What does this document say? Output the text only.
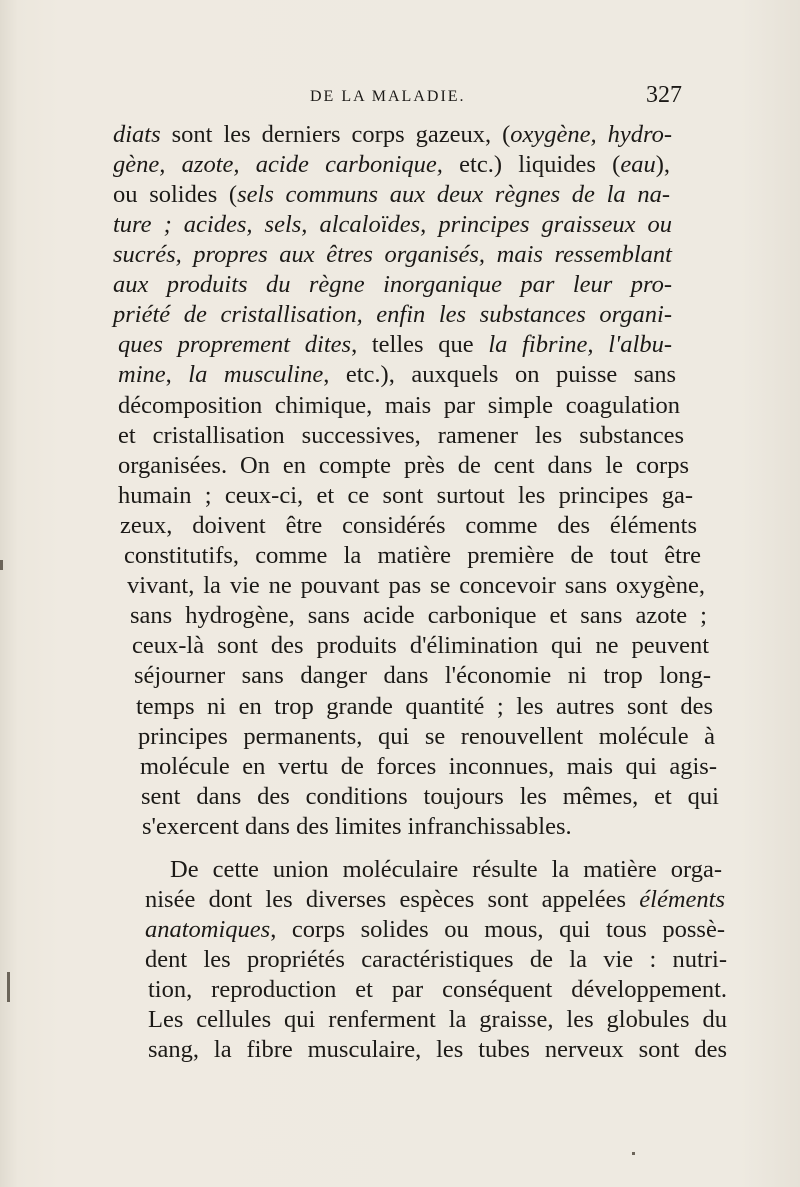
DE LA MALADIE.	327
diats sont les derniers corps gazeux, (oxygène, hydro-
gène, azote, acide carbonique, etc.) liquides (eau),
ou solides (sels communs aux deux règnes de la na-
ture ; acides, sels, alcaloïdes, principes graisseux ou
sucrés, propres aux êtres organisés, mais ressemblant
aux produits du règne inorganique par leur pro-
priété de cristallisation, enfin les substances organi-
ques proprement dites, telles que la fibrine, l'albu-
mine, la musculine, etc.), auxquels on puisse sans
décomposition chimique, mais par simple coagulation
et cristallisation successives, ramener les substances
organisées. On en compte près de cent dans le corps
humain ; ceux-ci, et ce sont surtout les principes ga-
zeux, doivent être considérés comme des éléments
constitutifs, comme la matière première de tout être
vivant, la vie ne pouvant pas se concevoir sans oxygène,
sans hydrogène, sans acide carbonique et sans azote ;
ceux-là sont des produits d'élimination qui ne peuvent
séjourner sans danger dans l'économie ni trop long-
temps ni en trop grande quantité ; les autres sont des
principes permanents, qui se renouvellent molécule à
molécule en vertu de forces inconnues, mais qui agis-
sent dans des conditions toujours les mêmes, et qui
s'exercent dans des limites infranchissables.
De cette union moléculaire résulte la matière orga-
nisée dont les diverses espèces sont appelées éléments
anatomiques, corps solides ou mous, qui tous possè-
dent les propriétés caractéristiques de la vie : nutri-
tion, reproduction et par conséquent développement.
Les cellules qui renferment la graisse, les globules du
sang, la fibre musculaire, les tubes nerveux sont des
